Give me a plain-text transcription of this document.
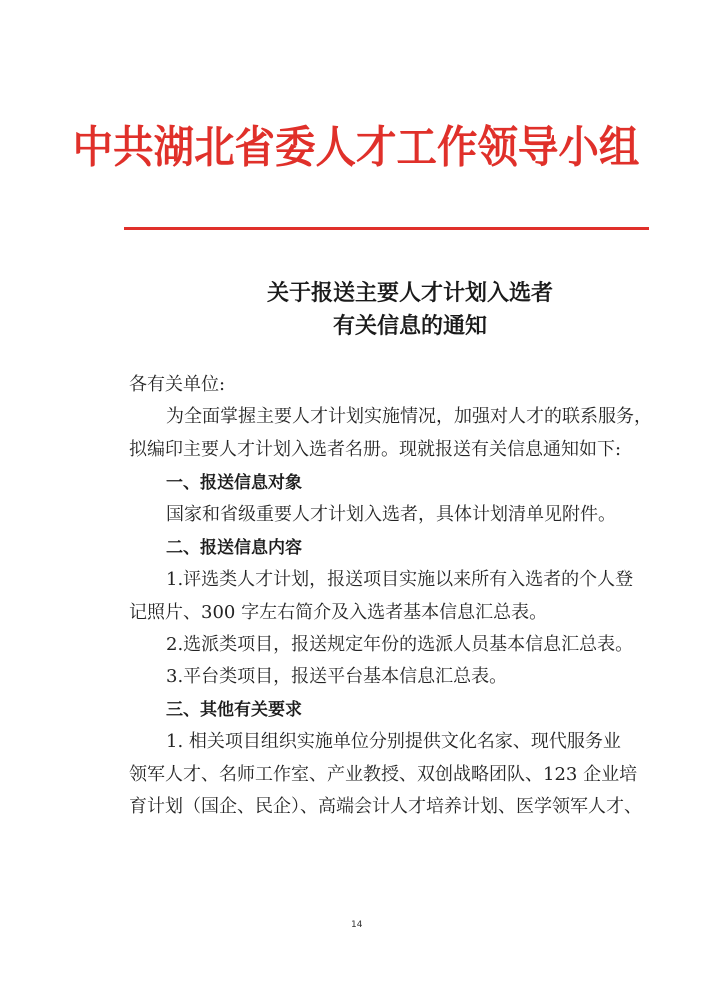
中共湖北省委人才工作领导小组
关于报送主要人才计划入选者
有关信息的通知
各有关单位:
为全面掌握主要人才计划实施情况，加强对人才的联系服务，
拟编印主要人才计划入选者名册。现就报送有关信息通知如下:
一、报送信息对象
国家和省级重要人才计划入选者，具体计划清单见附件。
二、报送信息内容
1.评选类人才计划，报送项目实施以来所有入选者的个人登
记照片、300 字左右简介及入选者基本信息汇总表。
2.选派类项目，报送规定年份的选派人员基本信息汇总表。
3.平台类项目，报送平台基本信息汇总表。
三、其他有关要求
1. 相关项目组织实施单位分别提供文化名家、现代服务业
领军人才、名师工作室、产业教授、双创战略团队、123 企业培
育计划（国企、民企）、高端会计人才培养计划、医学领军人才、
14
